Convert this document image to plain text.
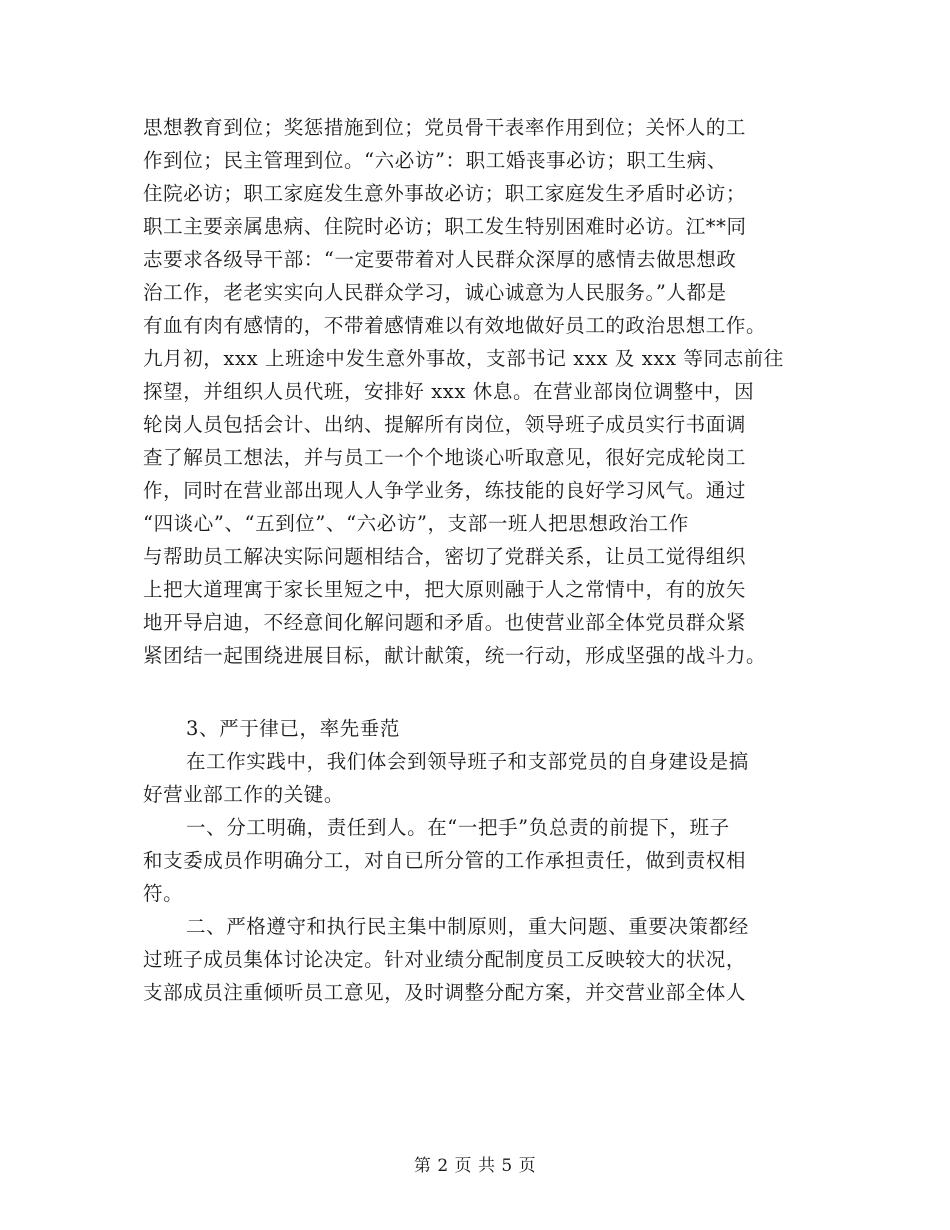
思想教育到位；奖惩措施到位；党员骨干表率作用到位；关怀人的工
作到位；民主管理到位。“六必访”：职工婚丧事必访；职工生病、
住院必访；职工家庭发生意外事故必访；职工家庭发生矛盾时必访；
职工主要亲属患病、住院时必访；职工发生特别困难时必访。江**同
志要求各级导干部：“一定要带着对人民群众深厚的感情去做思想政
治工作，老老实实向人民群众学习，诚心诚意为人民服务。”人都是
有血有肉有感情的，不带着感情难以有效地做好员工的政治思想工作。
九月初，xxx 上班途中发生意外事故，支部书记 xxx 及 xxx 等同志前往
探望，并组织人员代班，安排好 xxx 休息。在营业部岗位调整中，因
轮岗人员包括会计、出纳、提解所有岗位，领导班子成员实行书面调
查了解员工想法，并与员工一个个地谈心听取意见，很好完成轮岗工
作，同时在营业部出现人人争学业务，练技能的良好学习风气。通过
“四谈心”、“五到位”、“六必访”，支部一班人把思想政治工作
与帮助员工解决实际问题相结合，密切了党群关系，让员工觉得组织
上把大道理寓于家长里短之中，把大原则融于人之常情中，有的放矢
地开导启迪，不经意间化解问题和矛盾。也使营业部全体党员群众紧
紧团结一起围绕进展目标，献计献策，统一行动，形成坚强的战斗力。
3、严于律已，率先垂范
在工作实践中，我们体会到领导班子和支部党员的自身建设是搞
好营业部工作的关键。
一、分工明确，责任到人。在“一把手”负总责的前提下，班子
和支委成员作明确分工，对自已所分管的工作承担责任，做到责权相
符。
二、严格遵守和执行民主集中制原则，重大问题、重要决策都经
过班子成员集体讨论决定。针对业绩分配制度员工反映较大的状况，
支部成员注重倾听员工意见，及时调整分配方案，并交营业部全体人
第 2 页 共 5 页
